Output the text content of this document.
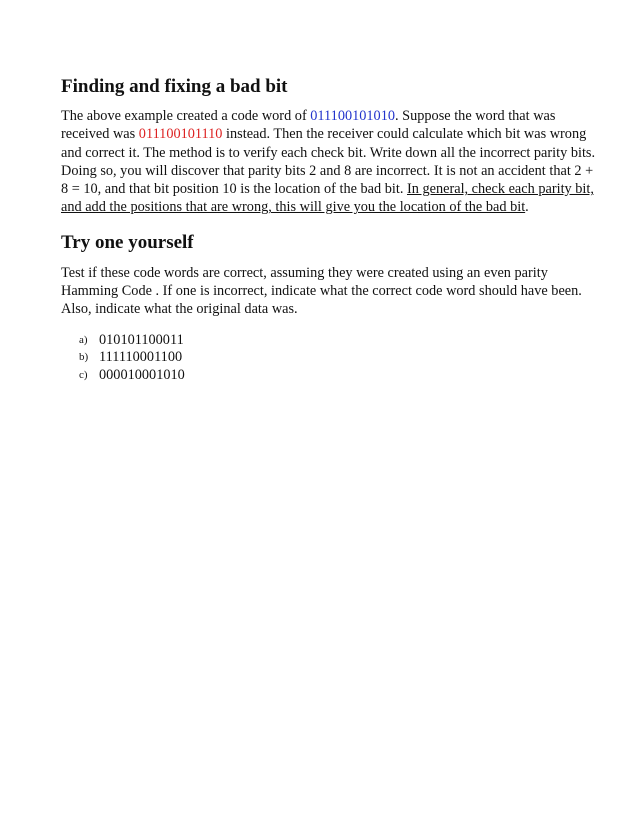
Finding and fixing a bad bit

The above example created a code word of 011100101010. Suppose the word that was received was 011100101110 instead. Then the receiver could calculate which bit was wrong and correct it. The method is to verify each check bit. Write down all the incorrect parity bits. Doing so, you will discover that parity bits 2 and 8 are incorrect. It is not an accident that 2 + 8 = 10, and that bit position 10 is the location of the bad bit. In general, check each parity bit, and add the positions that are wrong, this will give you the location of the bad bit.

Try one yourself

Test if these code words are correct, assuming they were created using an even parity Hamming Code . If one is incorrect, indicate what the correct code word should have been. Also, indicate what the original data was.

a) 010101100011
b) 111110001100
c) 000010001010
